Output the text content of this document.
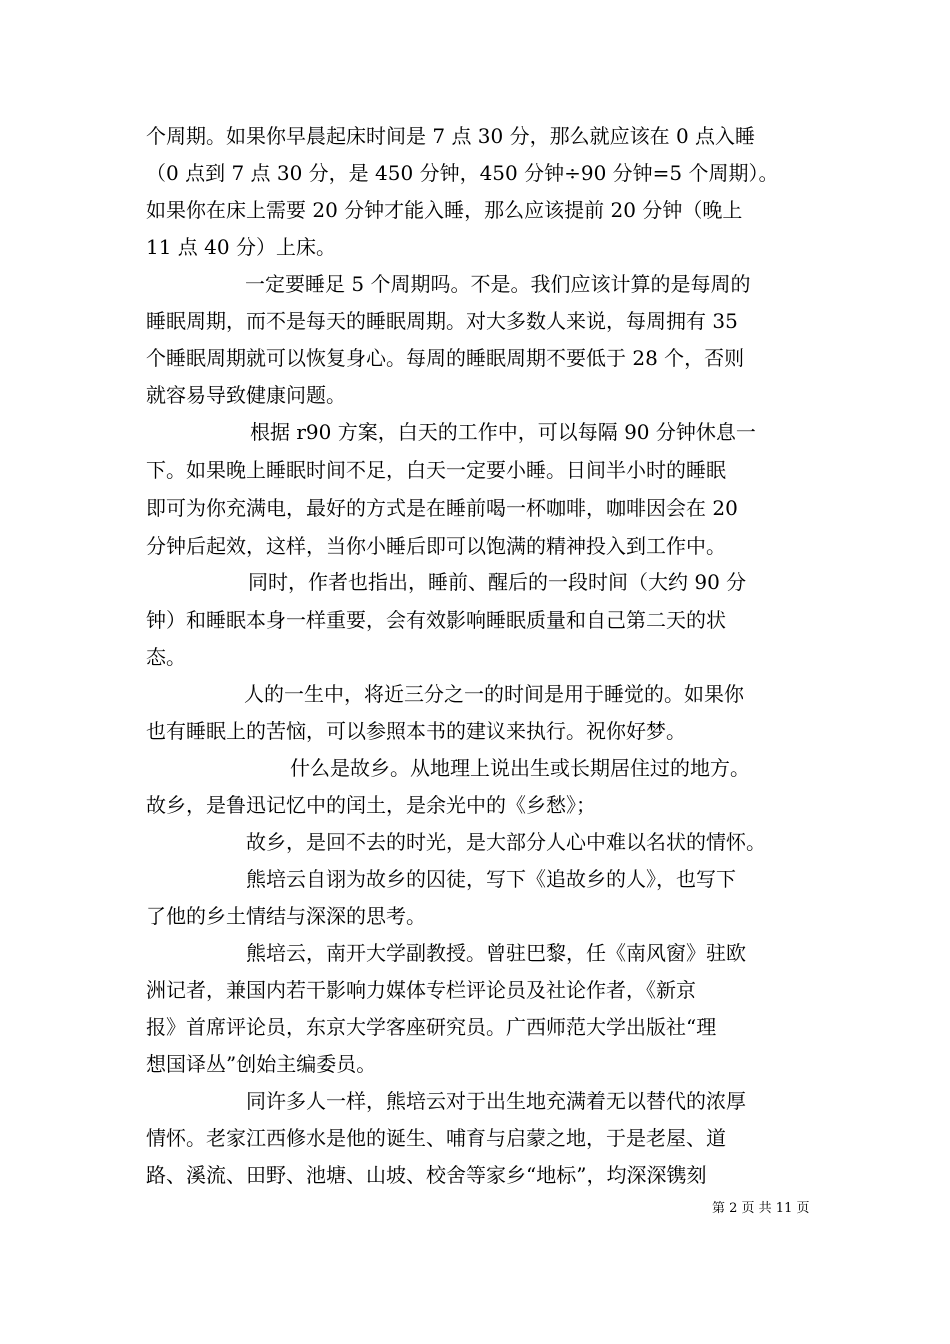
个周期。如果你早晨起床时间是 7 点 30 分，那么就应该在 0 点入睡
（0 点到 7 点 30 分，是 450 分钟，450 分钟÷90 分钟=5 个周期）。
如果你在床上需要 20 分钟才能入睡，那么应该提前 20 分钟（晚上
11 点 40 分）上床。
一定要睡足 5 个周期吗。不是。我们应该计算的是每周的
睡眠周期，而不是每天的睡眠周期。对大多数人来说，每周拥有 35
个睡眠周期就可以恢复身心。每周的睡眠周期不要低于 28 个，否则
就容易导致健康问题。
根据 r90 方案，白天的工作中，可以每隔 90 分钟休息一
下。如果晚上睡眠时间不足，白天一定要小睡。日间半小时的睡眠
即可为你充满电，最好的方式是在睡前喝一杯咖啡，咖啡因会在 20
分钟后起效，这样，当你小睡后即可以饱满的精神投入到工作中。
同时，作者也指出，睡前、醒后的一段时间（大约 90 分
钟）和睡眠本身一样重要，会有效影响睡眠质量和自己第二天的状
态。
人的一生中，将近三分之一的时间是用于睡觉的。如果你
也有睡眠上的苦恼，可以参照本书的建议来执行。祝你好梦。
什么是故乡。从地理上说出生或长期居住过的地方。
故乡，是鲁迅记忆中的闰土，是余光中的《乡愁》；
故乡，是回不去的时光，是大部分人心中难以名状的情怀。
熊培云自诩为故乡的囚徒，写下《追故乡的人》，也写下
了他的乡土情结与深深的思考。
熊培云，南开大学副教授。曾驻巴黎，任《南风窗》驻欧
洲记者，兼国内若干影响力媒体专栏评论员及社论作者，《新京
报》首席评论员，东京大学客座研究员。广西师范大学出版社“理
想国译丛”创始主编委员。
同许多人一样，熊培云对于出生地充满着无以替代的浓厚
情怀。老家江西修水是他的诞生、哺育与启蒙之地，于是老屋、道
路、溪流、田野、池塘、山坡、校舍等家乡“地标”，均深深镌刻
第 2 页 共 11 页
